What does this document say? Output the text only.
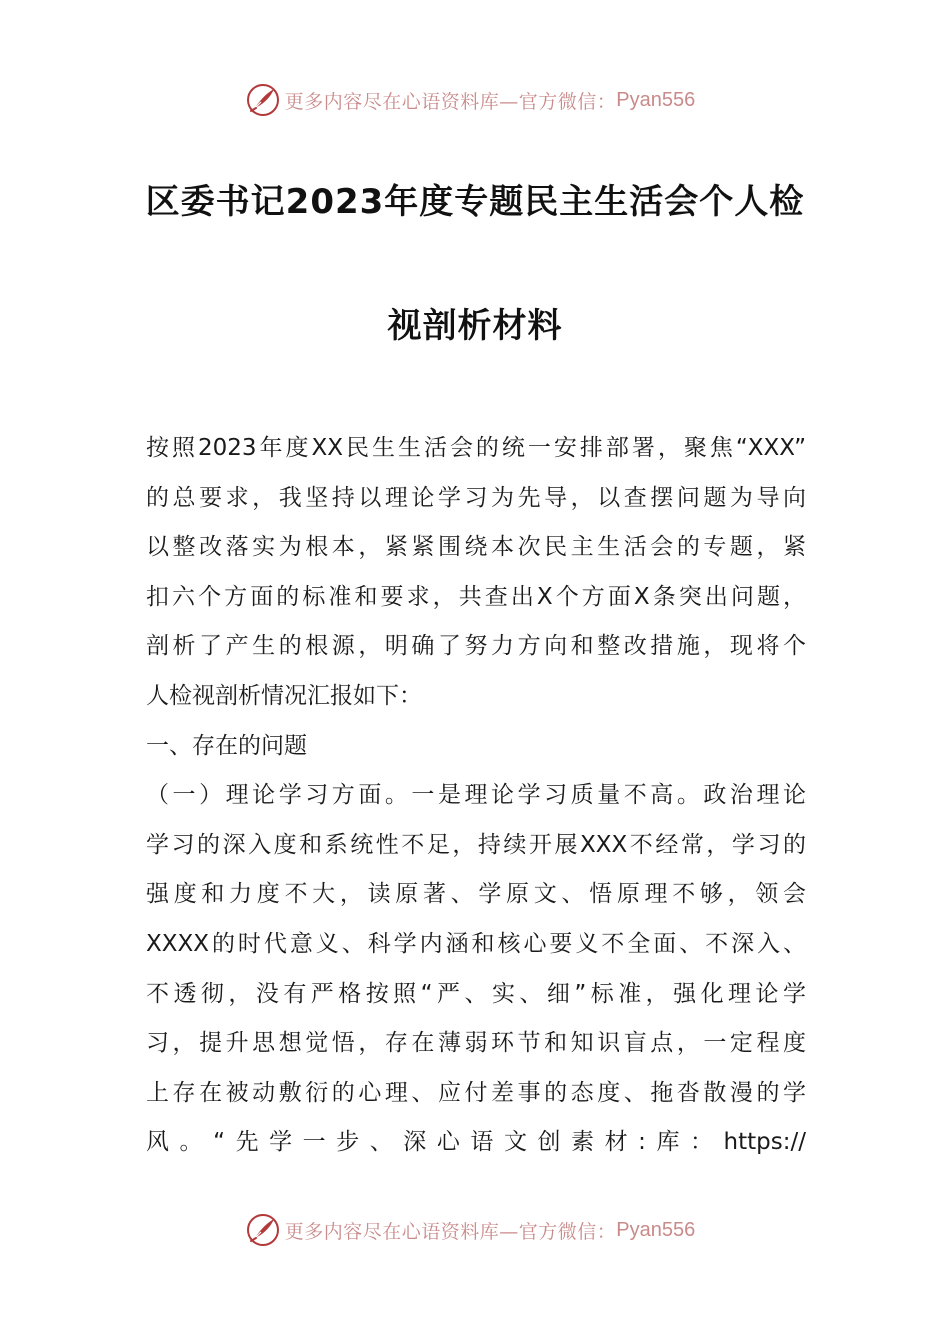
更多内容尽在心语资料库—官方微信： Pyan556
区委书记2023年度专题民主生活会个人检
视剖析材料
按照2023年度XX民生生活会的统一安排部署，聚焦“XXX”
的总要求，我坚持以理论学习为先导，以查摆问题为导向
以整改落实为根本，紧紧围绕本次民主生活会的专题，紧
扣六个方面的标准和要求，共查出X个方面X条突出问题，
剖析了产生的根源，明确了努力方向和整改措施，现将个
人检视剖析情况汇报如下：
一、存在的问题
（一）理论学习方面。一是理论学习质量不高。政治理论
学习的深入度和系统性不足，持续开展XXX不经常，学习的
强度和力度不大，读原著、学原文、悟原理不够，领会
XXXX的时代意义、科学内涵和核心要义不全面、不深入、
不透彻，没有严格按照“严、实、细”标准，强化理论学
习，提升思想觉悟，存在薄弱环节和知识盲点，一定程度
上存在被动敷衍的心理、应付差事的态度、拖沓散漫的学
风。“先学一步、深心语文创素材:库：https://
更多内容尽在心语资料库—官方微信： Pyan556
